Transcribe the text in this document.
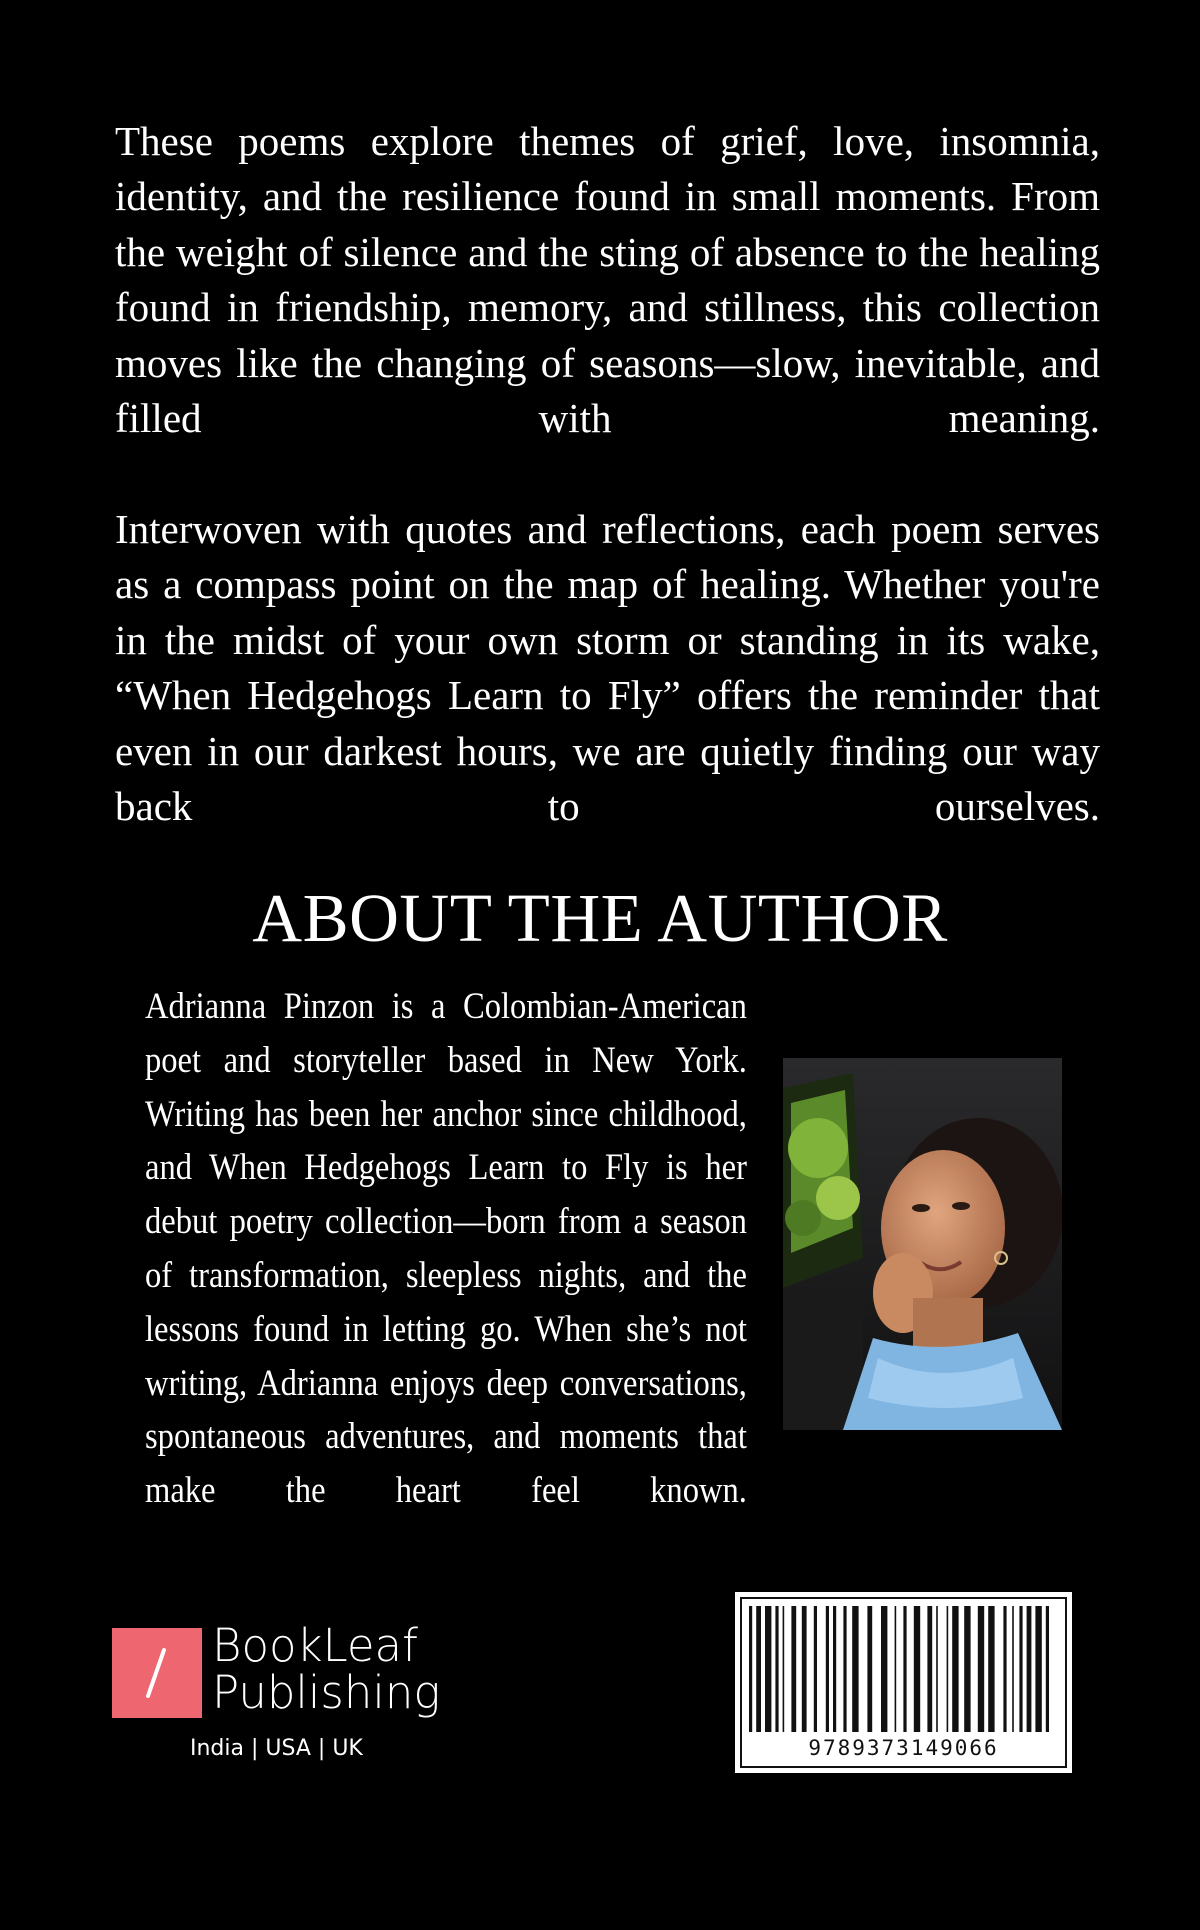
These poems explore themes of grief, love, insomnia, identity, and the resilience found in small moments. From the weight of silence and the sting of absence to the healing found in friendship, memory, and stillness, this collection moves like the changing of seasons—slow, inevitable, and filled with meaning.

Interwoven with quotes and reflections, each poem serves as a compass point on the map of healing. Whether you're in the midst of your own storm or standing in its wake, “When Hedgehogs Learn to Fly” offers the reminder that even in our darkest hours, we are quietly finding our way back to ourselves.

ABOUT THE AUTHOR

Adrianna Pinzon is a Colombian-American poet and storyteller based in New York. Writing has been her anchor since childhood, and When Hedgehogs Learn to Fly is her debut poetry collection—born from a season of transformation, sleepless nights, and the lessons found in letting go. When she’s not writing, Adrianna enjoys deep conversations, spontaneous adventures, and moments that make the heart feel known.

BookLeaf
Publishing
India | USA | UK	9789373149066
